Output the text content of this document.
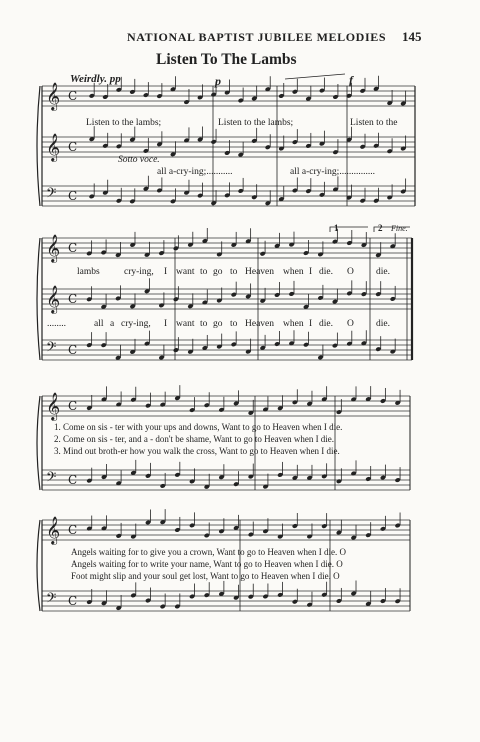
NATIONAL BAPTIST JUBILEE MELODIES 145
Listen To The Lambs
Weirdly. pp	p	f
Sotto voce.
Listen to the lambs;	Listen to the lambs;	Listen to the
all a-cry-ing;...........	all a-cry-ing;...............
1	2 Fine.
lambs	cry-ing, I want to go to Heaven when I die. O die.
........	all a cry-ing, I want to go to Heaven when I die. O die.
1. Come on sis - ter with your ups and downs, Want to go to Heaven when I die.
2. Come on sis - ter, and a - don't be shame, Want to go to Heaven when I die.
3. Mind out broth-er how you walk the cross, Want to go to Heaven when I die.
Angels waiting for to give you a crown, Want to go to Heaven when I die. O
Angels waiting for to write your name, Want to go to Heaven when I die. O
Foot might slip and your soul get lost, Want to go to Heaven when I die. O
𝄞 C
𝄞 C
𝄢 C
𝄞 C
𝄞 C
𝄢 C
𝄞 C
𝄢 C
𝄞 C
𝄢 C
